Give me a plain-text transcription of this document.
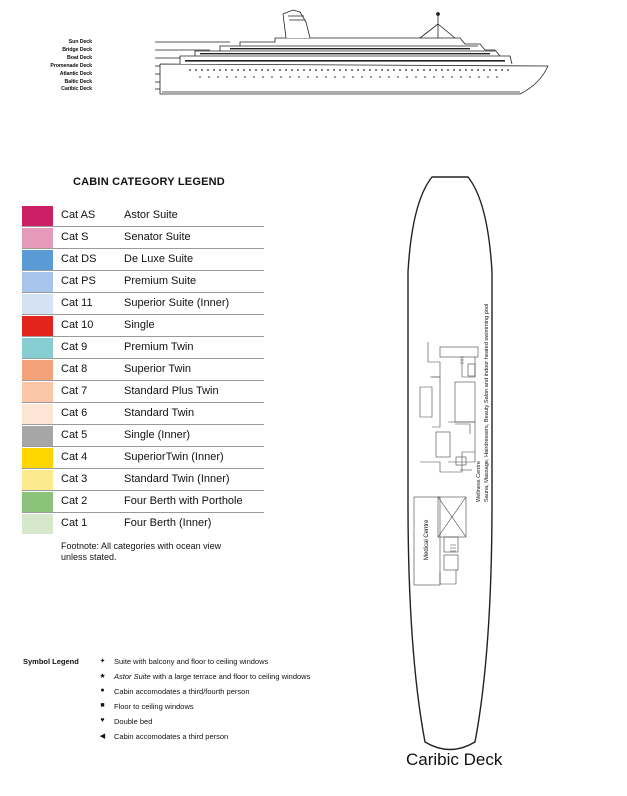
Sun Deck
Bridge Deck
Boat Deck
Promenade Deck
Atlantic Deck
Baltic Deck
Caribic Deck
CABIN CATEGORY LEGEND
Cat AS	Astor Suite
Cat S	Senator Suite
Cat DS	De Luxe Suite
Cat PS	Premium Suite
Cat 11	Superior Suite (Inner)
Cat 10	Single
Cat 9	Premium Twin
Cat 8	Superior Twin
Cat 7	Standard Plus Twin
Cat 6	Standard Twin
Cat 5	Single (Inner)
Cat 4	SuperiorTwin (Inner)
Cat 3	Standard Twin (Inner)
Cat 2	Four Berth with Porthole
Cat 1	Four Berth (Inner)
Footnote: All categories with ocean view unless stated.
Symbol Legend	✦ Suite with balcony and floor to ceiling windows
★ Astor Suite with a large terrace and floor to ceiling windows
●	Cabin accomodates a third/fourth person
■	Floor to ceiling windows
♥	Double bed
◀ Cabin accomodates a third person
Wellness Centre Sauna, Massage, Hairdressers, Beauty Salon and indoor heated swimming pool
Medical Centre
Caribic Deck
